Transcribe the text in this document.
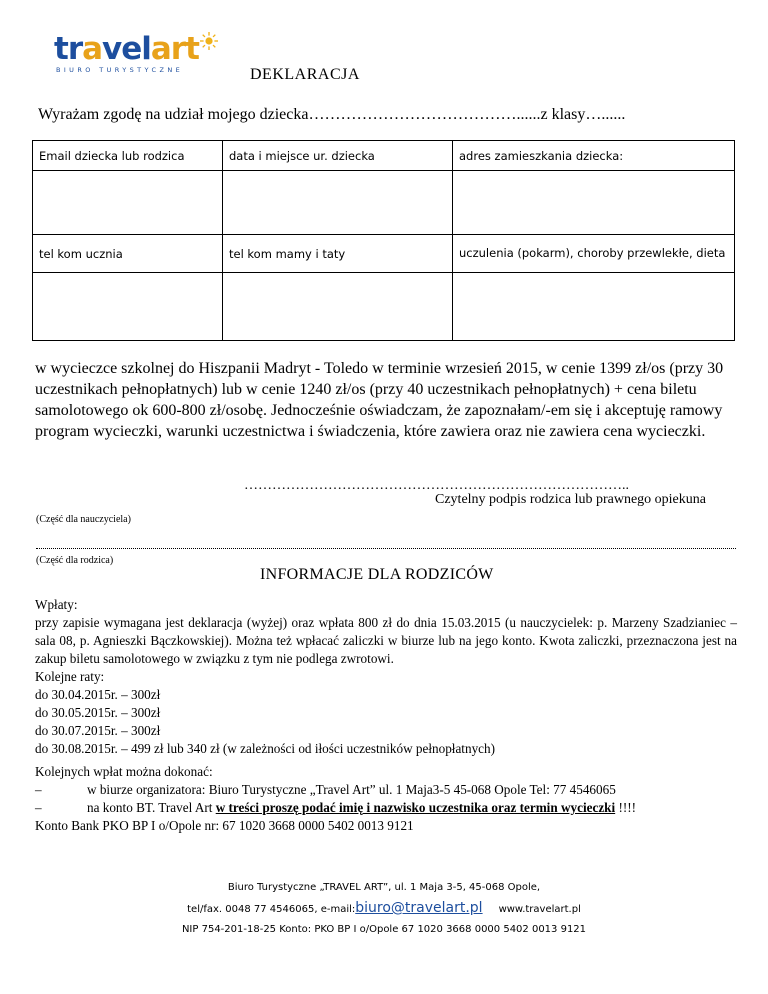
travelart
BIURO TURYSTYCZNE	DEKLARACJA
Wyrażam zgodę na udział mojego dziecka…………………………………......z klasy…......
Email dziecka lub rodzica	data i miejsce ur. dziecka	adres zamieszkania dziecka:

tel kom ucznia	tel kom mamy i taty	uczulenia (pokarm), choroby przewlekłe, dieta

w wycieczce szkolnej do Hiszpanii Madryt - Toledo w terminie wrzesień 2015, w cenie 1399 zł/os (przy 30 uczestnikach pełnopłatnych) lub w cenie 1240 zł/os (przy 40 uczestnikach pełnopłatnych) + cena biletu samolotowego ok 600-800 zł/osobę. Jednocześnie oświadczam, że zapoznałam/-em się i akceptuję ramowy program wycieczki, warunki uczestnictwa i świadczenia, które zawiera oraz nie zawiera cena wycieczki.
………………………………………………………………………..
Czytelny podpis rodzica lub prawnego opiekuna
(Część dla nauczyciela)
(Część dla rodzica)
INFORMACJE DLA RODZICÓW

Wpłaty:

przy zapisie wymagana jest deklaracja (wyżej) oraz wpłata 800 zł do dnia 15.03.2015 (u nauczycielek: p. Marzeny Szadzianiec – sala 08, p. Agnieszki Bączkowskiej). Można też wpłacać zaliczki w biurze lub na jego konto. Kwota zaliczki, przeznaczona jest na zakup biletu samolotowego w związku z tym nie podlega zwrotowi.

Kolejne raty:

do 30.04.2015r. – 300zł

do 30.05.2015r. – 300zł

do 30.07.2015r. – 300zł

do 30.08.2015r. – 499 zł lub 340 zł (w zależności od iłości uczestników pełnopłatnych)

Kolejnych wpłat można dokonać:

–	w biurze organizatora: Biuro Turystyczne „Travel Art” ul. 1 Maja3-5 45-068 Opole Tel: 77 4546065

–	na konto BT. Travel Art w treści proszę podać imię i nazwisko uczestnika oraz termin wycieczki !!!!

Konto Bank PKO BP I o/Opole nr: 67 1020 3668 0000 5402 0013 9121

Biuro Turystyczne „TRAVEL ART”, ul. 1 Maja 3-5, 45-068 Opole,
tel/fax. 0048 77 4546065, e-mail:biuro@travelart.pl www.travelart.pl
NIP 754-201-18-25 Konto: PKO BP I o/Opole 67 1020 3668 0000 5402 0013 9121
